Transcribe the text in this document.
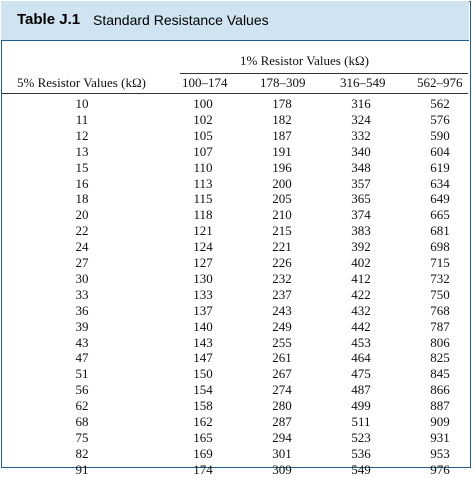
Table J.1 Standard Resistance Values
1% Resistor Values (kΩ)
5% Resistor Values (kΩ)	100–174	178–309	316–549 562–976
10	100	178	316	562
11	102	182	324	576
12	105	187	332	590
13	107	191	340	604
15	110	196	348	619
16	113	200	357	634
18	115	205	365	649
20	118	210	374	665
22	121	215	383	681
24	124	221	392	698
27	127	226	402	715
30	130	232	412	732
33	133	237	422	750
36	137	243	432	768
39	140	249	442	787
43	143	255	453	806
47	147	261	464	825
51	150	267	475	845
56	154	274	487	866
62	158	280	499	887
68	162	287	511	909
75	165	294	523	931
82	169	301	536	953
91	174	309	549	976
